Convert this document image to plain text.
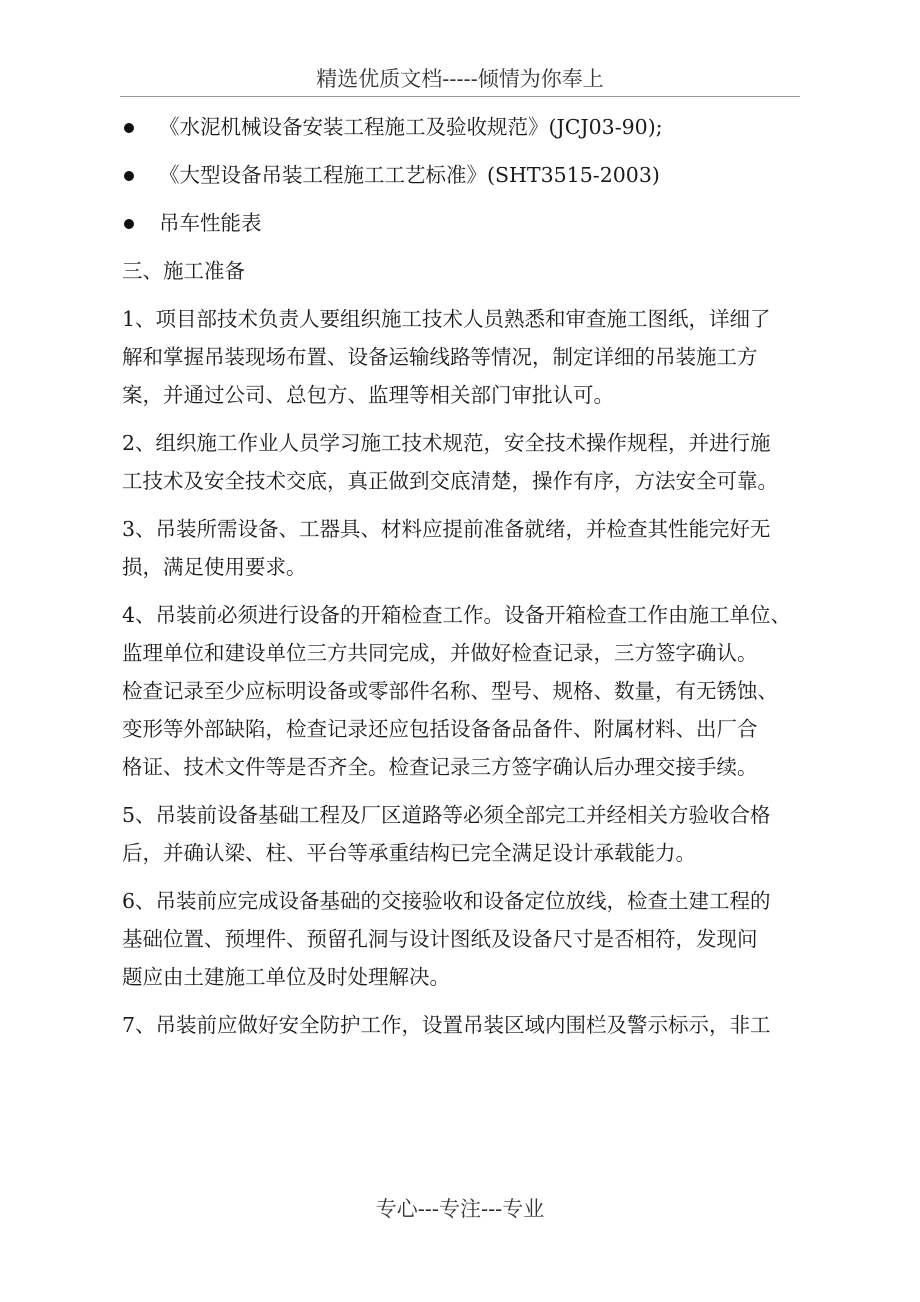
精选优质文档-----倾情为你奉上
《水泥机械设备安装工程施工及验收规范》(JCJ03-90);
《大型设备吊装工程施工工艺标准》(SHT3515-2003)
吊车性能表
三、施工准备
1、项目部技术负责人要组织施工技术人员熟悉和审查施工图纸，详细了
解和掌握吊装现场布置、设备运输线路等情况，制定详细的吊装施工方
案，并通过公司、总包方、监理等相关部门审批认可。
2、组织施工作业人员学习施工技术规范，安全技术操作规程，并进行施
工技术及安全技术交底，真正做到交底清楚，操作有序，方法安全可靠。
3、吊装所需设备、工器具、材料应提前准备就绪，并检查其性能完好无
损，满足使用要求。
4、吊装前必须进行设备的开箱检查工作。设备开箱检查工作由施工单位、
监理单位和建设单位三方共同完成，并做好检查记录，三方签字确认。
检查记录至少应标明设备或零部件名称、型号、规格、数量，有无锈蚀、
变形等外部缺陷，检查记录还应包括设备备品备件、附属材料、出厂合
格证、技术文件等是否齐全。检查记录三方签字确认后办理交接手续。
5、吊装前设备基础工程及厂区道路等必须全部完工并经相关方验收合格
后，并确认梁、柱、平台等承重结构已完全满足设计承载能力。
6、吊装前应完成设备基础的交接验收和设备定位放线，检查土建工程的
基础位置、预埋件、预留孔洞与设计图纸及设备尺寸是否相符，发现问
题应由土建施工单位及时处理解决。
7、吊装前应做好安全防护工作，设置吊装区域内围栏及警示标示，非工
专心---专注---专业
